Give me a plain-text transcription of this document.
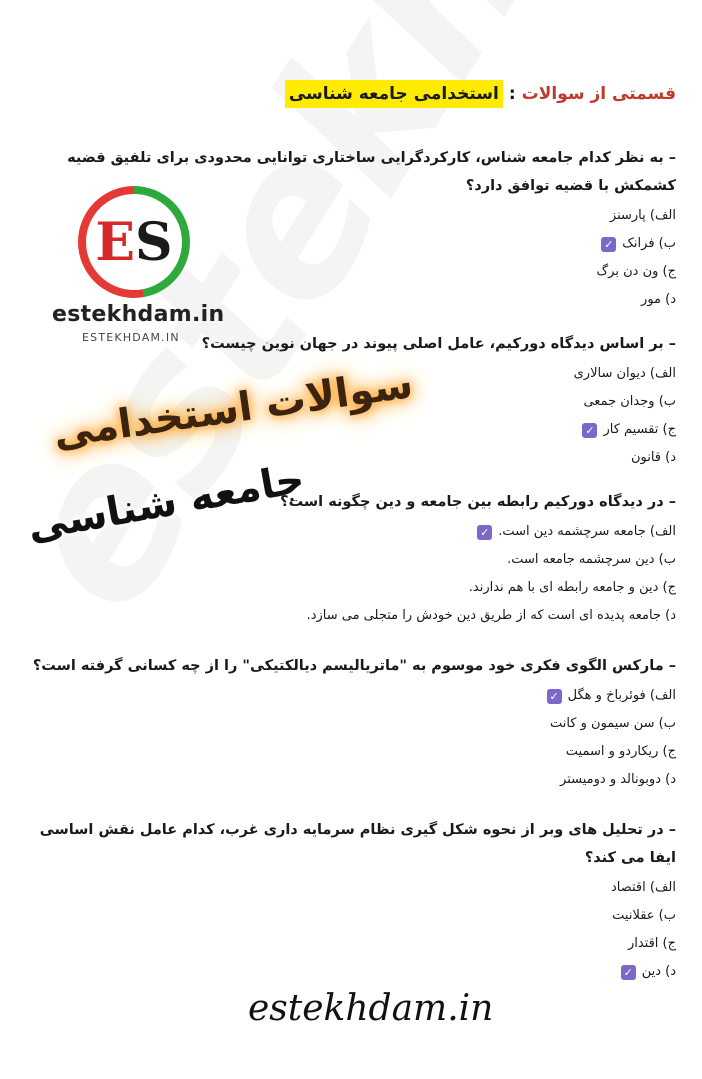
قسمتی از سوالات
:
استخدامی جامعه شناسی
E S
estekhdam.in
ESTEKHDAM.IN
سوالات استخدامی
جامعه شناسی
– به نظر کدام جامعه شناس، کارکردگرایی ساختاری توانایی محدودی برای تلفیق قضیه کشمکش با قضیه توافق دارد؟
الف) پارسنز
ب) فرانک
✓
ج) ون دن برگ
د) مور
– بر اساس دیدگاه دورکیم، عامل اصلی پیوند در جهان نوین چیست؟
الف) دیوان سالاری
ب) وجدان جمعی
ج) تقسیم کار
✓
د) قانون
– در دیدگاه دورکیم رابطه بین جامعه و دین چگونه است؟
الف) جامعه سرچشمه دین است.
✓
ب) دین سرچشمه جامعه است.
ج) دین و جامعه رابطه ای با هم ندارند.
د) جامعه پدیده ای است که از طریق دین خودش را متجلی می سازد.
– مارکس الگوی فکری خود موسوم به "ماتریالیسم دیالکتیکی" را از چه کسانی گرفته است؟
الف) فوئرباخ و هگل
✓
ب) سن سیمون و کانت
ج) ریکاردو و اسمیت
د) دوبونالد و دومیستر
– در تحلیل های وبر از نحوه شکل گیری نظام سرمایه داری غرب، کدام عامل نقش اساسی ایفا می کند؟
الف) اقتصاد
ب) عقلانیت
ج) اقتدار
د) دین
✓
estekhdam.in
